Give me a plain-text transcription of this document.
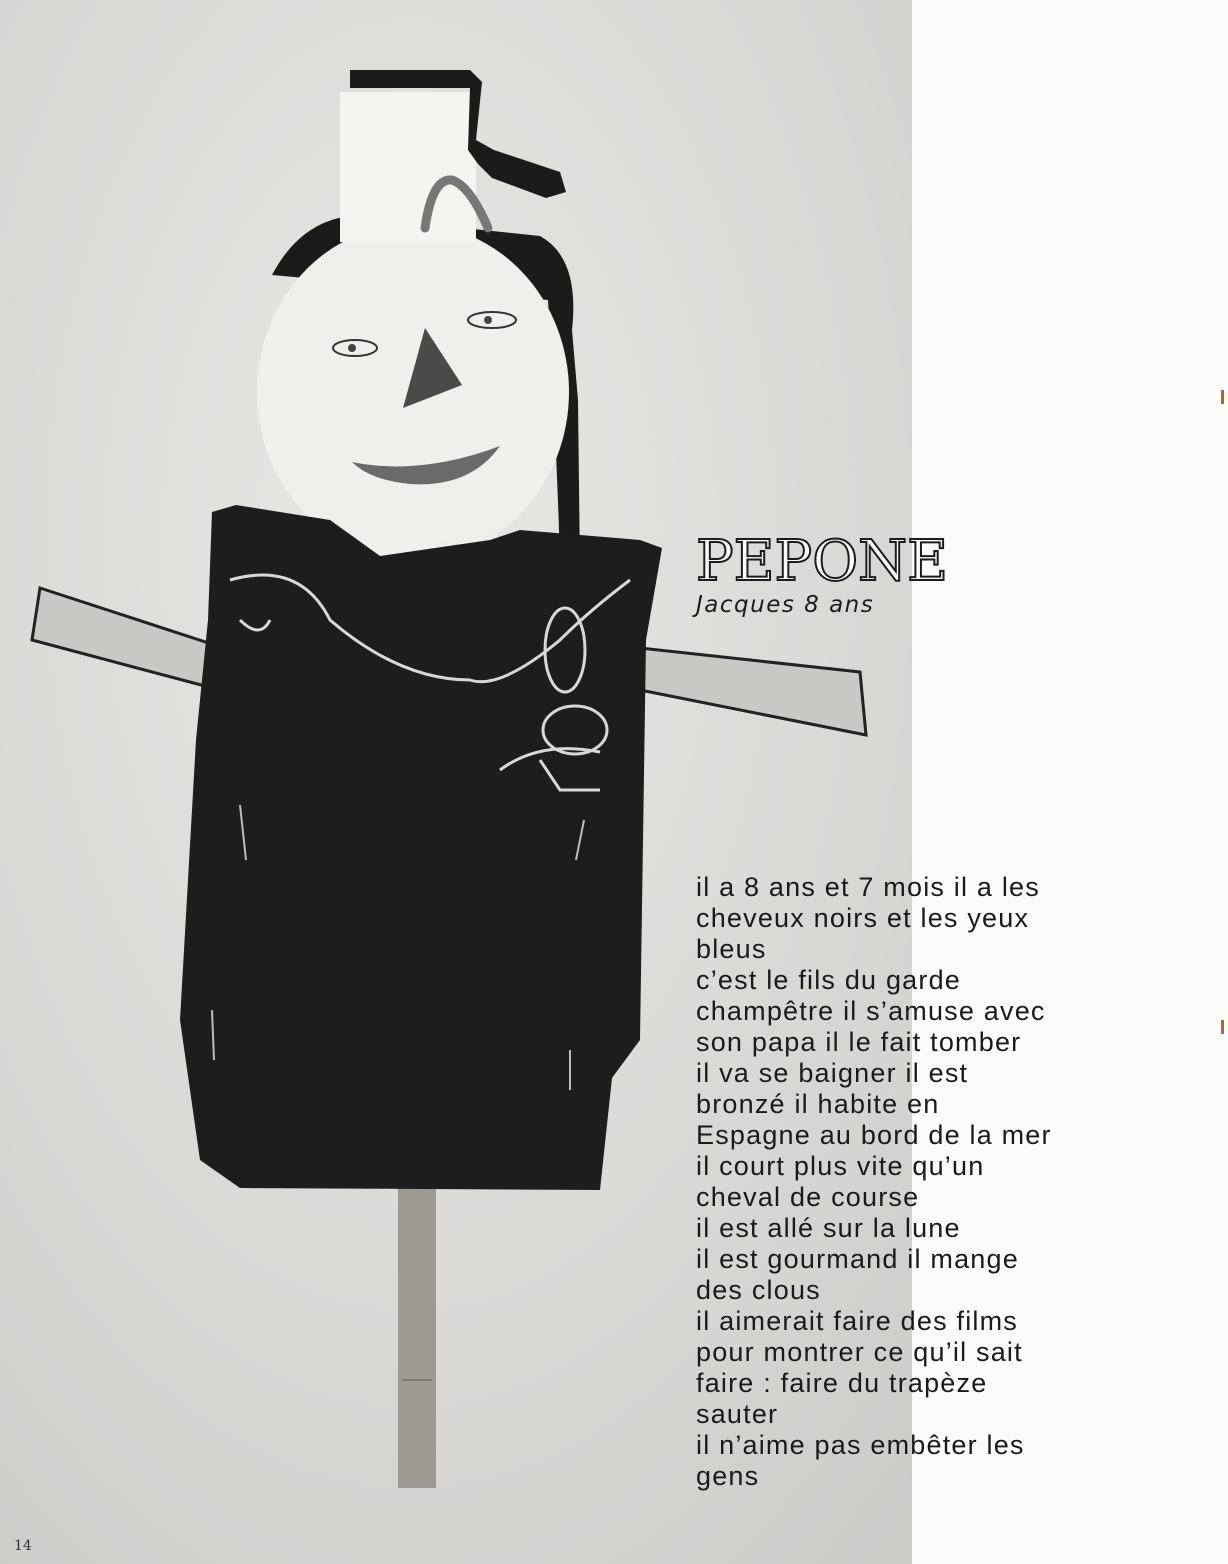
PEPONE
Jacques 8 ans
il a 8 ans et 7 mois il a les
cheveux noirs et les yeux
bleus
c’est le fils du garde
champêtre il s’amuse avec
son papa il le fait tomber
il va se baigner il est
bronzé il habite en
Espagne au bord de la mer
il court plus vite qu’un
cheval de course
il est allé sur la lune
il est gourmand il mange
des clous
il aimerait faire des films
pour montrer ce qu’il sait
faire : faire du trapèze
sauter
il n’aime pas embêter les
gens
14
